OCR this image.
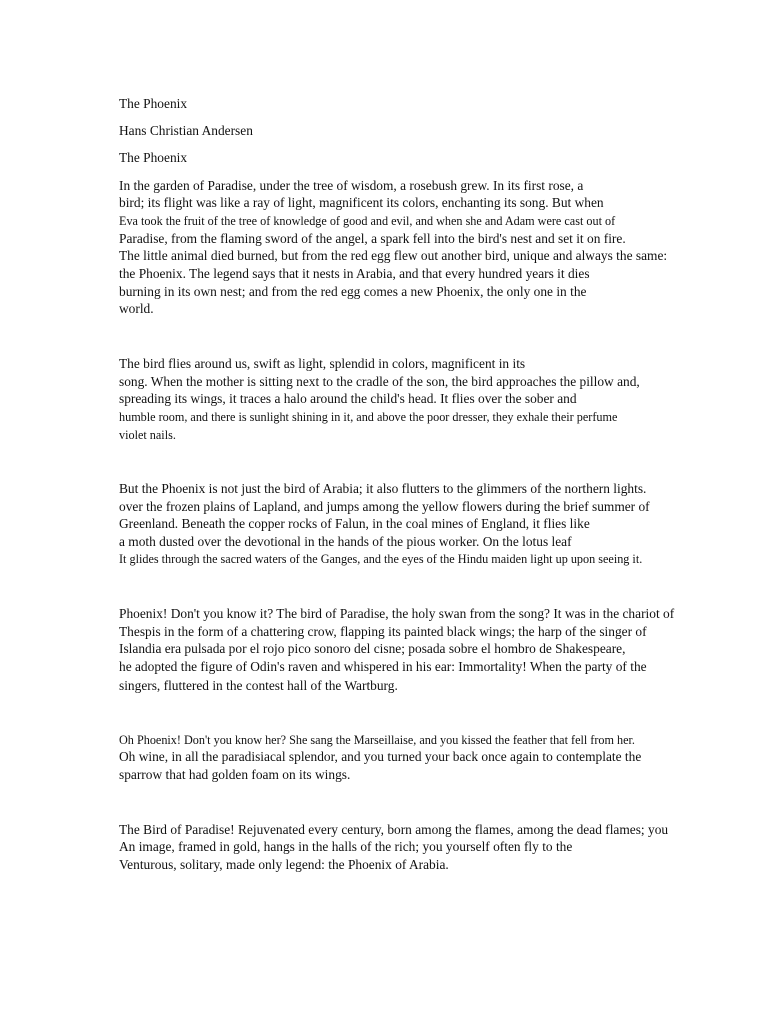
The Phoenix
Hans Christian Andersen
The Phoenix
In the garden of Paradise, under the tree of wisdom, a rosebush grew. In its first rose, a
bird; its flight was like a ray of light, magnificent its colors, enchanting its song. But when
Eva took the fruit of the tree of knowledge of good and evil, and when she and Adam were cast out of
Paradise, from the flaming sword of the angel, a spark fell into the bird's nest and set it on fire.
The little animal died burned, but from the red egg flew out another bird, unique and always the same:
the Phoenix. The legend says that it nests in Arabia, and that every hundred years it dies
burning in its own nest; and from the red egg comes a new Phoenix, the only one in the
world.
The bird flies around us, swift as light, splendid in colors, magnificent in its
song. When the mother is sitting next to the cradle of the son, the bird approaches the pillow and,
spreading its wings, it traces a halo around the child's head. It flies over the sober and
humble room, and there is sunlight shining in it, and above the poor dresser, they exhale their perfume
violet nails.
But the Phoenix is not just the bird of Arabia; it also flutters to the glimmers of the northern lights.
over the frozen plains of Lapland, and jumps among the yellow flowers during the brief summer of
Greenland. Beneath the copper rocks of Falun, in the coal mines of England, it flies like
a moth dusted over the devotional in the hands of the pious worker. On the lotus leaf
It glides through the sacred waters of the Ganges, and the eyes of the Hindu maiden light up upon seeing it.
Phoenix! Don't you know it? The bird of Paradise, the holy swan from the song? It was in the chariot of
Thespis in the form of a chattering crow, flapping its painted black wings; the harp of the singer of
Islandia era pulsada por el rojo pico sonoro del cisne; posada sobre el hombro de Shakespeare,
he adopted the figure of Odin's raven and whispered in his ear: Immortality! When the party of the
singers, fluttered in the contest hall of the Wartburg.
Oh Phoenix! Don't you know her? She sang the Marseillaise, and you kissed the feather that fell from her.
Oh wine, in all the paradisiacal splendor, and you turned your back once again to contemplate the
sparrow that had golden foam on its wings.
The Bird of Paradise! Rejuvenated every century, born among the flames, among the dead flames; you
An image, framed in gold, hangs in the halls of the rich; you yourself often fly to the
Venturous, solitary, made only legend: the Phoenix of Arabia.
